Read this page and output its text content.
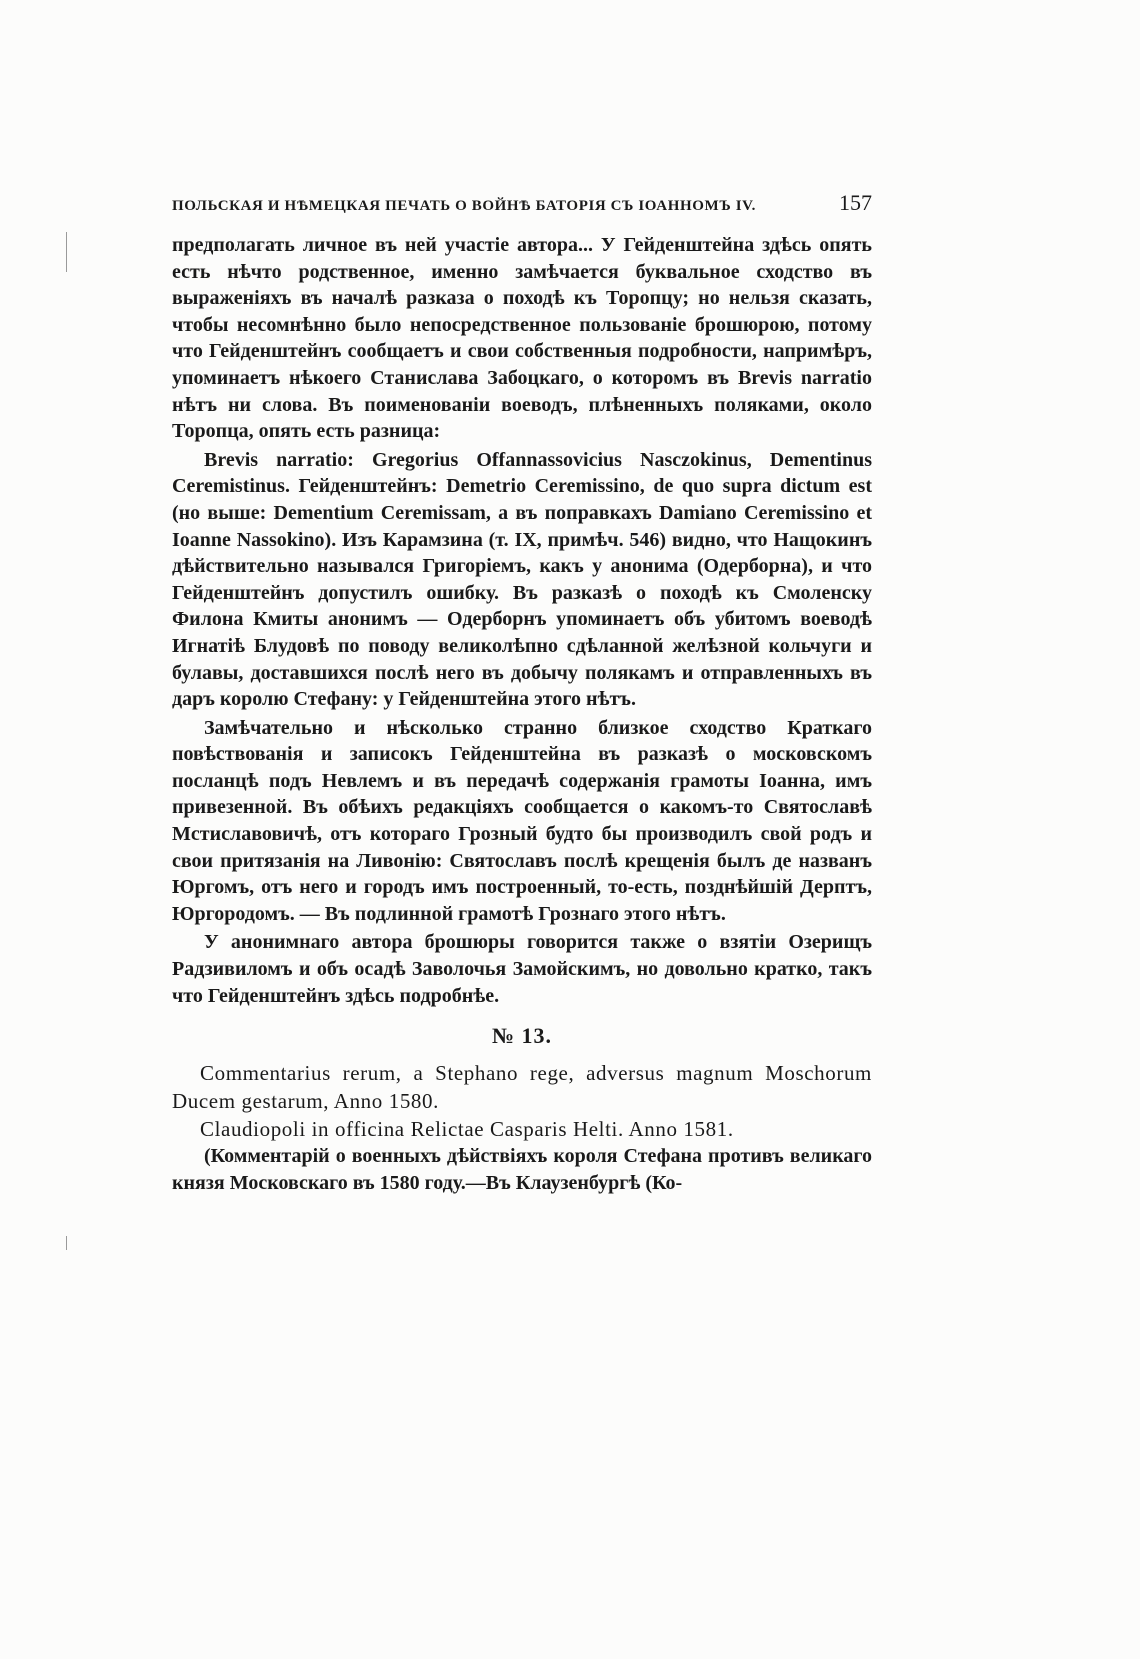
ПОЛЬСКАЯ И НѢМЕЦКАЯ ПЕЧАТЬ О ВОЙНѢ БАТОРІЯ СЪ ІОАННОМЪ IV.	157

предполагать личное въ ней участіе автора... У Гейденштейна здѣсь опять есть нѣчто родственное, именно замѣчается буквальное сходство въ выраженіяхъ въ началѣ разказа о походѣ къ Торопцу; но нельзя сказать, чтобы несомнѣнно было непосредственное пользованіе брошюрою, потому что Гейденштейнъ сообщаетъ и свои собственныя подробности, напримѣръ, упоминаетъ нѣкоего Станислава Забоцкаго, о которомъ въ Brevis narratio нѣтъ ни слова. Въ поименованіи воеводъ, плѣненныхъ поляками, около Торопца, опять есть разница:

Brevis narratio: Gregorius Offannassovicius Nasczokinus, Dementinus Ceremistinus. Гейденштейнъ: Demetrio Ceremissino, de quo supra dictum est (но выше: Dementium Ceremissam, а въ поправкахъ Damiano Ceremissino et Ioanne Nassokino). Изъ Карамзина (т. IX, примѣч. 546) видно, что Нащокинъ дѣйствительно назывался Григоріемъ, какъ у анонима (Одерборна), и что Гейденштейнъ допустилъ ошибку. Въ разказѣ о походѣ къ Смоленску Филона Кмиты анонимъ — Одерборнъ упоминаетъ объ убитомъ воеводѣ Игнатіѣ Блудовѣ по поводу великолѣпно сдѣланной желѣзной кольчуги и булавы, доставшихся послѣ него въ добычу полякамъ и отправленныхъ въ даръ королю Стефану: у Гейденштейна этого нѣтъ.

Замѣчательно и нѣсколько странно близкое сходство Краткаго повѣствованія и записокъ Гейденштейна въ разказѣ о московскомъ посланцѣ подъ Невлемъ и въ передачѣ содержанія грамоты Іоанна, имъ привезенной. Въ обѣихъ редакціяхъ сообщается о какомъ-то Святославѣ Мстиславовичѣ, отъ котораго Грозный будто бы производилъ свой родъ и свои притязанія на Ливонію: Святославъ послѣ крещенія былъ де названъ Юргомъ, отъ него и городъ имъ построенный, то-есть, позднѣйшій Дерптъ, Юргородомъ. — Въ подлинной грамотѣ Грознаго этого нѣтъ.

У анонимнаго автора брошюры говорится также о взятіи Озерищъ Радзивиломъ и объ осадѣ Заволочья Замойскимъ, но довольно кратко, такъ что Гейденштейнъ здѣсь подробнѣе.

№ 13.

Commentarius rerum, a Stephano rege, adversus magnum Moschorum Ducem gestarum, Anno 1580.

Claudiopoli in officina Relictae Casparis Helti. Anno 1581.

(Комментарій о военныхъ дѣйствіяхъ короля Стефана противъ великаго князя Московскаго въ 1580 году.—Въ Клаузенбургѣ (Ко-
